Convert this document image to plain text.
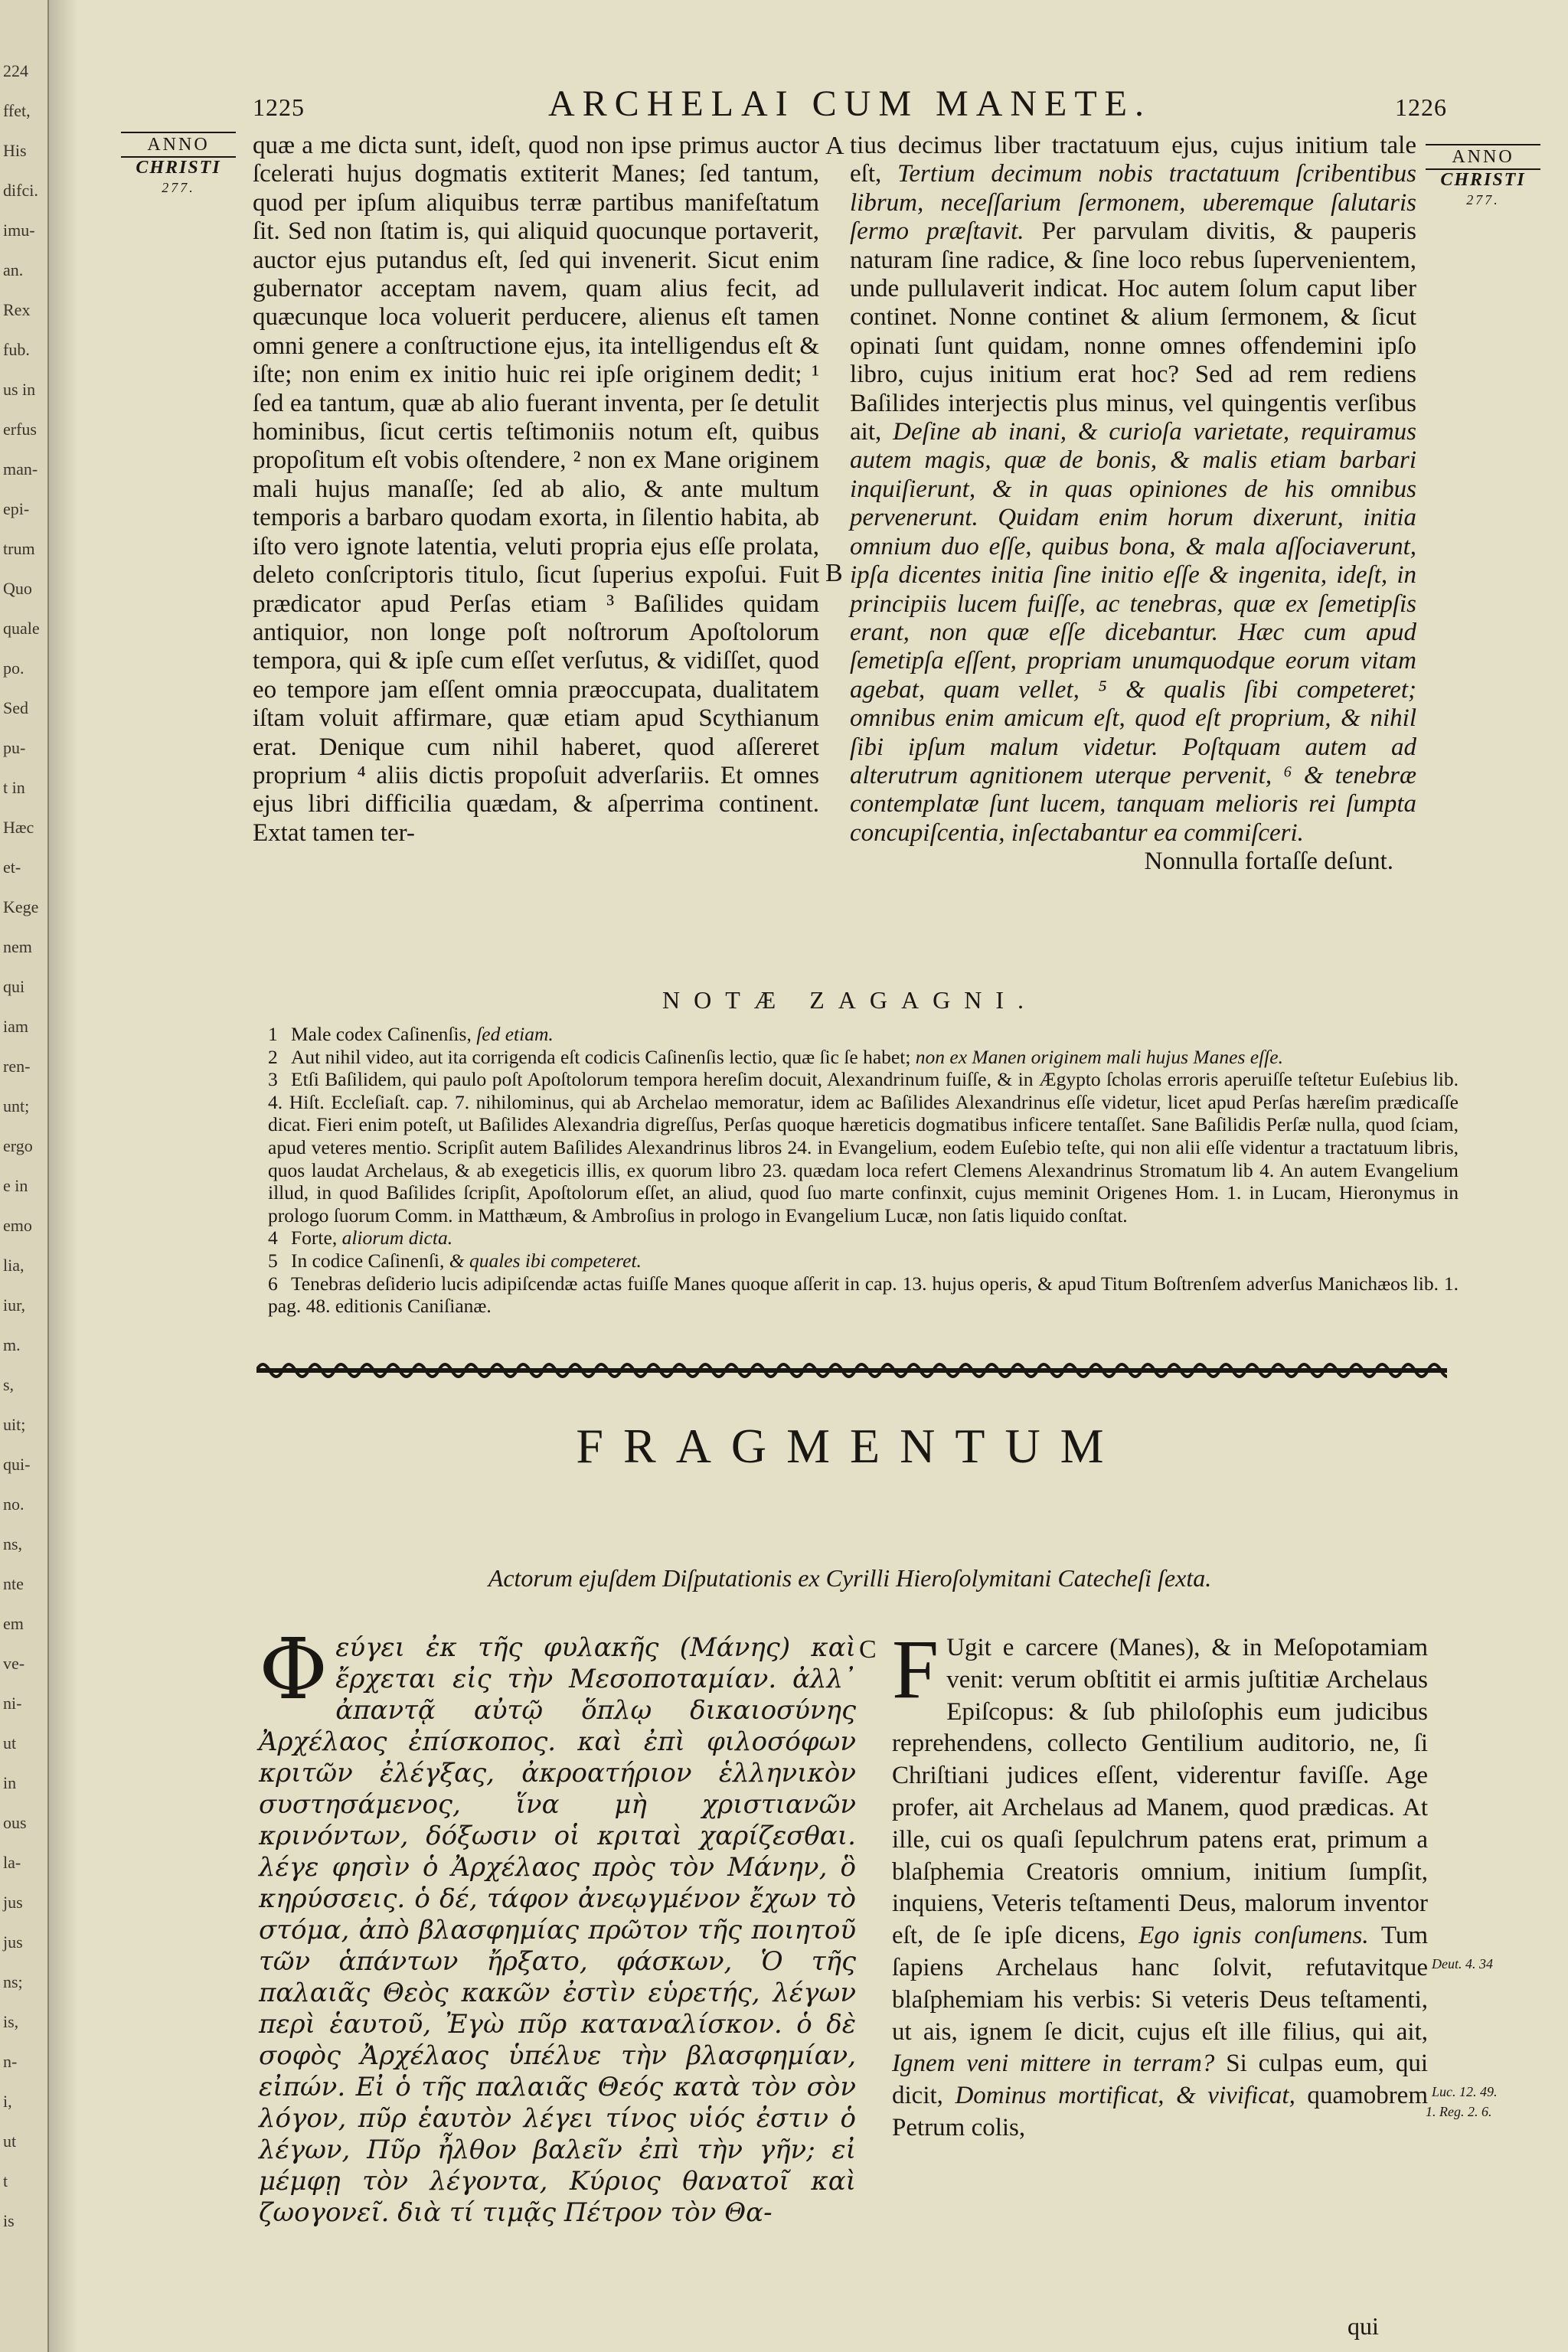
224
ffet,
His
difci.
imu-
an.
Rex
fub.
us in
erfus
man-
epi-
trum
Quo
quale
po.
Sed
pu-
t in
Hæc
et-
Kege
nem
qui
iam
ren-
unt;
ergo
e in
emo
lia,
iur,
m.
s,
uit;
qui-
no.
ns,
nte
em
ve-
ni-
ut
in
ous
la-
jus
jus
ns;
is,
n-
i,
ut
t
is
1225	ARCHELAI CUM MANETE.	1226
ANNO
CHRISTI
277.
ANNO
CHRISTI
277.

quæ a me dicta sunt, ideſt, quod non ipse primus auctor ſcelerati hujus dogmatis extiterit Manes; ſed tantum, quod per ipſum aliquibus terræ partibus manifeſtatum ſit. Sed non ſtatim is, qui aliquid quocunque portaverit, auctor ejus putandus eſt, ſed qui invenerit. Sicut enim gubernator acceptam navem, quam alius fecit, ad quæcunque loca voluerit perducere, alienus eſt tamen omni genere a conſtructione ejus, ita intelligendus eſt & iſte; non enim ex initio huic rei ipſe originem dedit; ¹ ſed ea tantum, quæ ab alio fuerant inventa, per ſe detulit hominibus, ſicut certis teſtimoniis notum eſt, quibus propoſitum eſt vobis oſtendere, ² non ex Mane originem mali hujus manaſſe; ſed ab alio, & ante multum temporis a barbaro quodam exorta, in ſilentio habita, ab iſto vero ignote latentia, veluti propria ejus eſſe prolata, deleto conſcriptoris titulo, ſicut ſuperius expoſui. Fuit prædicator apud Perſas etiam ³ Baſilides quidam antiquior, non longe poſt noſtrorum Apoſtolorum tempora, qui & ipſe cum eſſet verſutus, & vidiſſet, quod eo tempore jam eſſent omnia præoccupata, dualitatem iſtam voluit affirmare, quæ etiam apud Scythianum erat. Denique cum nihil haberet, quod aſſereret proprium ⁴ aliis dictis propoſuit adverſariis. Et omnes ejus libri difficilia quædam, & aſperrima continent. Extat tamen ter-

A
B
C

tius decimus liber tractatuum ejus, cujus initium tale eſt, Tertium decimum nobis tractatuum ſcribentibus librum, neceſſarium ſermonem, uberemque ſalutaris ſermo præſtavit. Per parvulam divitis, & pauperis naturam ſine radice, & ſine loco rebus ſupervenientem, unde pullulaverit indicat. Hoc autem ſolum caput liber continet. Nonne continet & alium ſermonem, & ſicut opinati ſunt quidam, nonne omnes offendemini ipſo libro, cujus initium erat hoc? Sed ad rem rediens Baſilides interjectis plus minus, vel quingentis verſibus ait, Deſine ab inani, & curioſa varietate, requiramus autem magis, quæ de bonis, & malis etiam barbari inquiſierunt, & in quas opiniones de his omnibus pervenerunt. Quidam enim horum dixerunt, initia omnium duo eſſe, quibus bona, & mala aſſociaverunt, ipſa dicentes initia ſine initio eſſe & ingenita, ideſt, in principiis lucem fuiſſe, ac tenebras, quæ ex ſemetipſis erant, non quæ eſſe dicebantur. Hæc cum apud ſemetipſa eſſent, propriam unumquodque eorum vitam agebat, quam vellet, ⁵ & qualis ſibi competeret; omnibus enim amicum eſt, quod eſt proprium, & nihil ſibi ipſum malum videtur. Poſtquam autem ad alterutrum agnitionem uterque pervenit, ⁶ & tenebræ contemplatæ ſunt lucem, tanquam melioris rei ſumpta concupiſcentia, inſectabantur ea commiſceri.

Nonnulla fortaſſe deſunt.

NOTÆ ZAGAGNI.

1 Male codex Caſinenſis, ſed etiam.

2 Aut nihil video, aut ita corrigenda eſt codicis Caſinenſis lectio, quæ ſic ſe habet; non ex Manen originem mali hujus Manes eſſe.

3 Etſi Baſilidem, qui paulo poſt Apoſtolorum tempora hereſim docuit, Alexandrinum fuiſſe, & in Ægypto ſcholas erroris aperuiſſe teſtetur Euſebius lib. 4. Hiſt. Eccleſiaſt. cap. 7. nihilominus, qui ab Archelao memoratur, idem ac Baſilides Alexandrinus eſſe videtur, licet apud Perſas hæreſim prædicaſſe dicat. Fieri enim poteſt, ut Baſilides Alexandria digreſſus, Perſas quoque hæreticis dogmatibus inficere tentaſſet. Sane Baſilidis Perſæ nulla, quod ſciam, apud veteres mentio. Scripſit autem Baſilides Alexandrinus libros 24. in Evangelium, eodem Euſebio teſte, qui non alii eſſe videntur a tractatuum libris, quos laudat Archelaus, & ab exegeticis illis, ex quorum libro 23. quædam loca refert Clemens Alexandrinus Stromatum lib 4. An autem Evangelium illud, in quod Baſilides ſcripſit, Apoſtolorum eſſet, an aliud, quod ſuo marte confinxit, cujus meminit Origenes Hom. 1. in Lucam, Hieronymus in prologo ſuorum Comm. in Matthæum, & Ambroſius in prologo in Evangelium Lucæ, non ſatis liquido conſtat.

4 Forte, aliorum dicta.

5 In codice Caſinenſi, & quales ibi competeret.

6 Tenebras deſiderio lucis adipiſcendæ actas fuiſſe Manes quoque aſſerit in cap. 13. hujus operis, & apud Titum Boſtrenſem adverſus Manichæos lib. 1. pag. 48. editionis Caniſianæ.

FRAGMENTUM
Actorum ejuſdem Diſputationis ex Cyrilli Hieroſolymitani Catecheſi ſexta.
Φεύγει ἐκ τῆς φυλακῆς (Μάνης) καὶ ἔρχεται εἰς τὴν Μεσοποταμίαν. ἀλλ᾽ ἀπαντᾷ αὐτῷ ὅπλῳ δικαιοσύνης Ἀρχέλαος ἐπίσκοπος. καὶ ἐπὶ φιλοσόφων κριτῶν ἐλέγξας, ἀκροατήριον ἑλληνικὸν συστησάμενος, ἵνα μὴ χριστιανῶν κρινόντων, δόξωσιν οἱ κριταὶ χαρίζεσθαι. λέγε φησὶν ὁ Ἀρχέλαος πρὸς τὸν Μάνην, ὃ κηρύσσεις. ὁ δέ, τάφον ἀνεῳγμένον ἔχων τὸ στόμα, ἀπὸ βλασφημίας πρῶτον τῆς ποιητοῦ τῶν ἁπάντων ἤρξατο, φάσκων, Ὁ τῆς παλαιᾶς Θεὸς κακῶν ἐστὶν εὑρετής, λέγων περὶ ἑαυτοῦ, Ἐγὼ πῦρ καταναλίσκον. ὁ δὲ σοφὸς Ἀρχέλαος ὑπέλυε τὴν βλασφημίαν, εἰπών. Εἰ ὁ τῆς παλαιᾶς Θεός κατὰ τὸν σὸν λόγον, πῦρ ἑαυτὸν λέγει τίνος υἱός ἐστιν ὁ λέγων, Πῦρ ἦλθον βαλεῖν ἐπὶ τὴν γῆν; εἰ μέμφῃ τὸν λέγοντα, Κύριος θανατοῖ καὶ ζωογονεῖ. διὰ τί τιμᾷς Πέτρον τὸν Θα-

F Ugit e carcere (Manes), & in Meſopotamiam venit: verum obſtitit ei armis juſtitiæ Archelaus Epiſcopus: & ſub philoſophis eum judicibus reprehendens, collecto Gentilium auditorio, ne, ſi Chriſtiani judices eſſent, viderentur faviſſe. Age profer, ait Archelaus ad Manem, quod prædicas. At ille, cui os quaſi ſepulchrum patens erat, primum a blaſphemia Creatoris omnium, initium ſumpſit, inquiens, Veteris teſtamenti Deus, malorum inventor eſt, de ſe ipſe dicens, Ego ignis conſumens. Tum ſapiens Archelaus hanc ſolvit, refutavitque blaſphemiam his verbis: Si veteris Deus teſtamenti, ut ais, ignem ſe dicit, cujus eſt ille filius, qui ait, Ignem veni mittere in terram? Si culpas eum, qui dicit, Dominus mortificat, & vivificat, quamobrem Petrum colis,

Deut. 4. 34
Luc. 12. 49.
1. Reg. 2. 6.
qui
